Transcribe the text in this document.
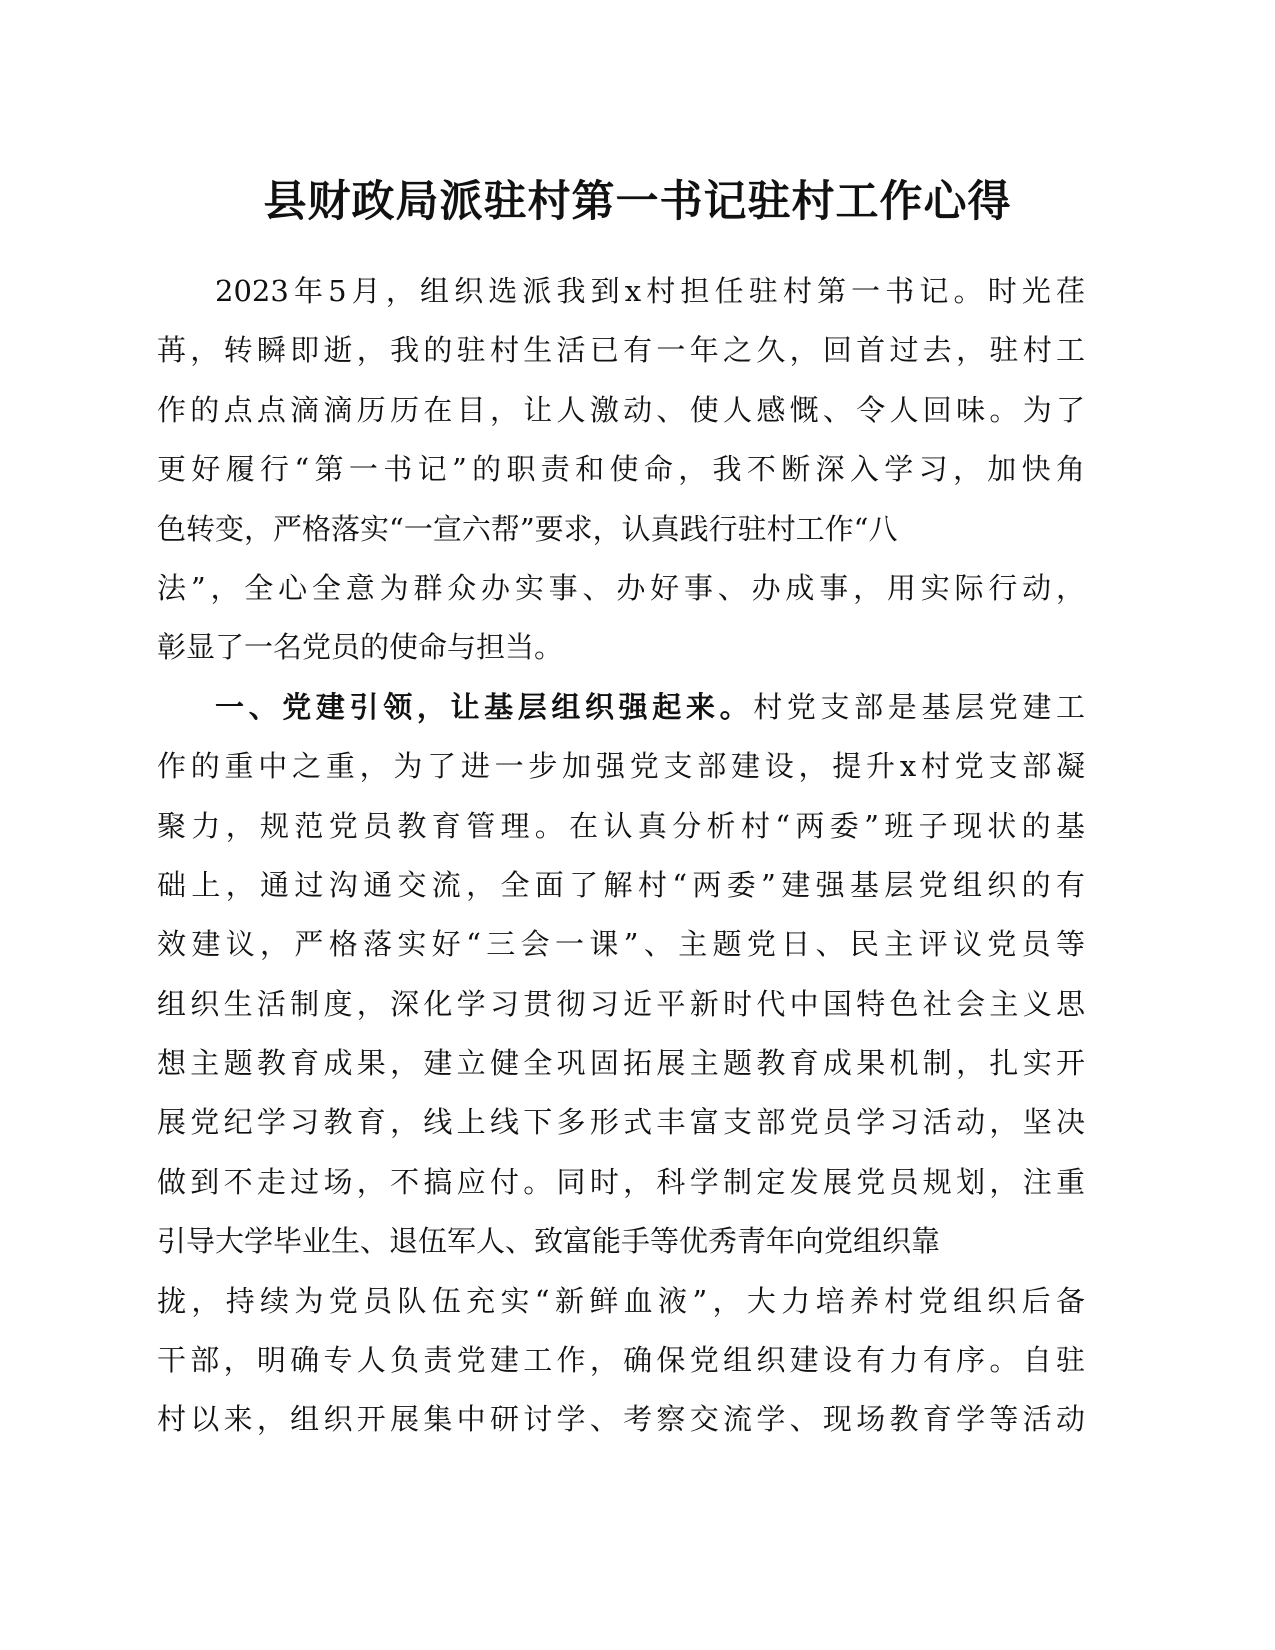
县财政局派驻村第一书记驻村工作心得
2023年5月，组织选派我到x村担任驻村第一书记。时光荏
苒，转瞬即逝，我的驻村生活已有一年之久，回首过去，驻村工
作的点点滴滴历历在目，让人激动、使人感慨、令人回味。为了
更好履行“第一书记”的职责和使命，我不断深入学习，加快角
色转变，严格落实“一宣六帮”要求，认真践行驻村工作“八
法”，全心全意为群众办实事、办好事、办成事，用实际行动，
彰显了一名党员的使命与担当。
一、党建引领，让基层组织强起来。村党支部是基层党建工
作的重中之重，为了进一步加强党支部建设，提升x村党支部凝
聚力，规范党员教育管理。在认真分析村“两委”班子现状的基
础上，通过沟通交流，全面了解村“两委”建强基层党组织的有
效建议，严格落实好“三会一课”、主题党日、民主评议党员等
组织生活制度，深化学习贯彻习近平新时代中国特色社会主义思
想主题教育成果，建立健全巩固拓展主题教育成果机制，扎实开
展党纪学习教育，线上线下多形式丰富支部党员学习活动，坚决
做到不走过场，不搞应付。同时，科学制定发展党员规划，注重
引导大学毕业生、退伍军人、致富能手等优秀青年向党组织靠
拢，持续为党员队伍充实“新鲜血液”，大力培养村党组织后备
干部，明确专人负责党建工作，确保党组织建设有力有序。自驻
村以来，组织开展集中研讨学、考察交流学、现场教育学等活动
